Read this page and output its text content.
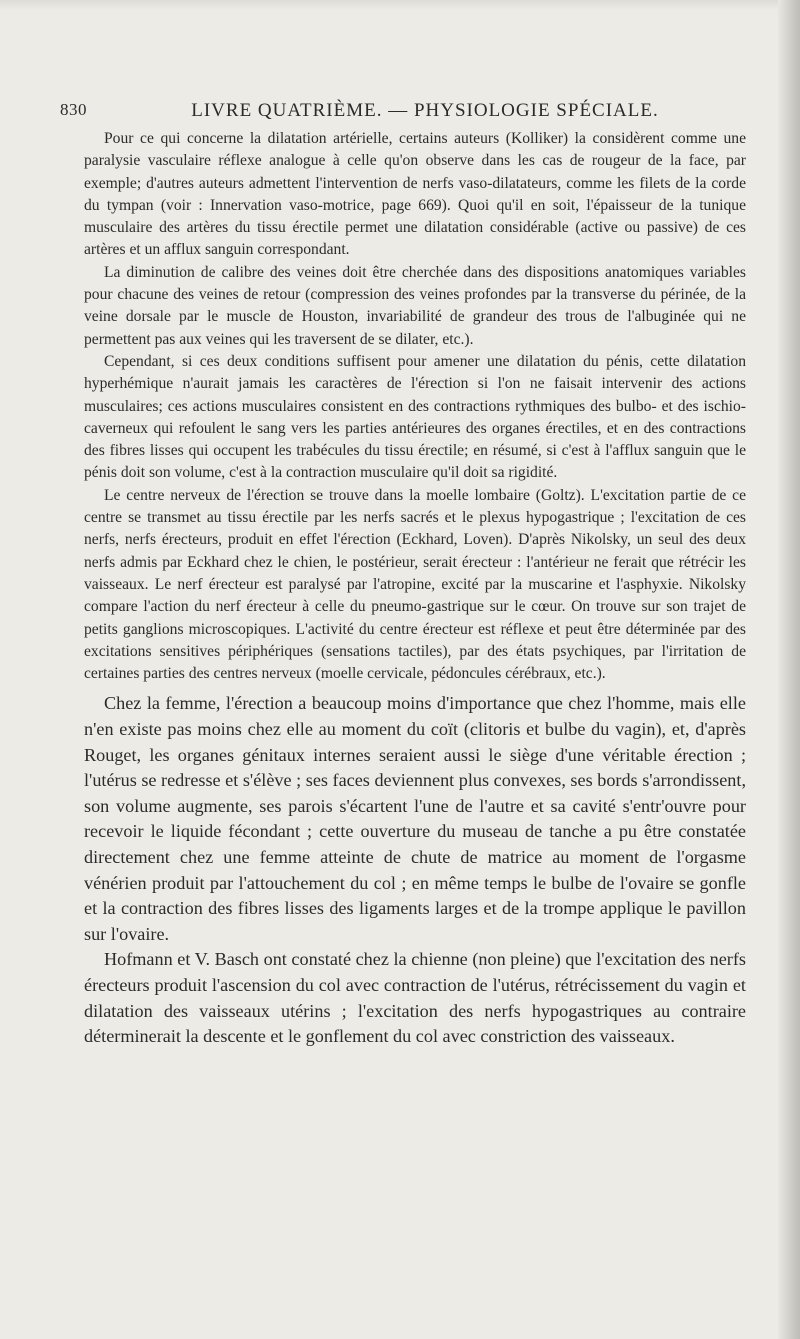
830	LIVRE QUATRIÈME. — PHYSIOLOGIE SPÉCIALE.

Pour ce qui concerne la dilatation artérielle, certains auteurs (Kolliker) la considèrent comme une paralysie vasculaire réflexe analogue à celle qu'on observe dans les cas de rougeur de la face, par exemple; d'autres auteurs admettent l'intervention de nerfs vaso-dilatateurs, comme les filets de la corde du tympan (voir : Innervation vaso-motrice, page 669). Quoi qu'il en soit, l'épaisseur de la tunique musculaire des artères du tissu érectile permet une dilatation considérable (active ou passive) de ces artères et un afflux sanguin correspondant.

La diminution de calibre des veines doit être cherchée dans des dispositions anatomiques variables pour chacune des veines de retour (compression des veines profondes par la transverse du périnée, de la veine dorsale par le muscle de Houston, invariabilité de grandeur des trous de l'albuginée qui ne permettent pas aux veines qui les traversent de se dilater, etc.).

Cependant, si ces deux conditions suffisent pour amener une dilatation du pénis, cette dilatation hyperhémique n'aurait jamais les caractères de l'érection si l'on ne faisait intervenir des actions musculaires; ces actions musculaires consistent en des contractions rythmiques des bulbo- et des ischio-caverneux qui refoulent le sang vers les parties antérieures des organes érectiles, et en des contractions des fibres lisses qui occupent les trabécules du tissu érectile; en résumé, si c'est à l'afflux sanguin que le pénis doit son volume, c'est à la contraction musculaire qu'il doit sa rigidité.

Le centre nerveux de l'érection se trouve dans la moelle lombaire (Goltz). L'excitation partie de ce centre se transmet au tissu érectile par les nerfs sacrés et le plexus hypogastrique ; l'excitation de ces nerfs, nerfs érecteurs, produit en effet l'érection (Eckhard, Loven). D'après Nikolsky, un seul des deux nerfs admis par Eckhard chez le chien, le postérieur, serait érecteur : l'antérieur ne ferait que rétrécir les vaisseaux. Le nerf érecteur est paralysé par l'atropine, excité par la muscarine et l'asphyxie. Nikolsky compare l'action du nerf érecteur à celle du pneumo-gastrique sur le cœur. On trouve sur son trajet de petits ganglions microscopiques. L'activité du centre érecteur est réflexe et peut être déterminée par des excitations sensitives périphériques (sensations tactiles), par des états psychiques, par l'irritation de certaines parties des centres nerveux (moelle cervicale, pédoncules cérébraux, etc.).

Chez la femme, l'érection a beaucoup moins d'importance que chez l'homme, mais elle n'en existe pas moins chez elle au moment du coït (clitoris et bulbe du vagin), et, d'après Rouget, les organes génitaux internes seraient aussi le siège d'une véritable érection ; l'utérus se redresse et s'élève ; ses faces deviennent plus convexes, ses bords s'arrondissent, son volume augmente, ses parois s'écartent l'une de l'autre et sa cavité s'entr'ouvre pour recevoir le liquide fécondant ; cette ouverture du museau de tanche a pu être constatée directement chez une femme atteinte de chute de matrice au moment de l'orgasme vénérien produit par l'attouchement du col ; en même temps le bulbe de l'ovaire se gonfle et la contraction des fibres lisses des ligaments larges et de la trompe applique le pavillon sur l'ovaire.

Hofmann et V. Basch ont constaté chez la chienne (non pleine) que l'excitation des nerfs érecteurs produit l'ascension du col avec contraction de l'utérus, rétrécissement du vagin et dilatation des vaisseaux utérins ; l'excitation des nerfs hypogastriques au contraire déterminerait la descente et le gonflement du col avec constriction des vaisseaux.
